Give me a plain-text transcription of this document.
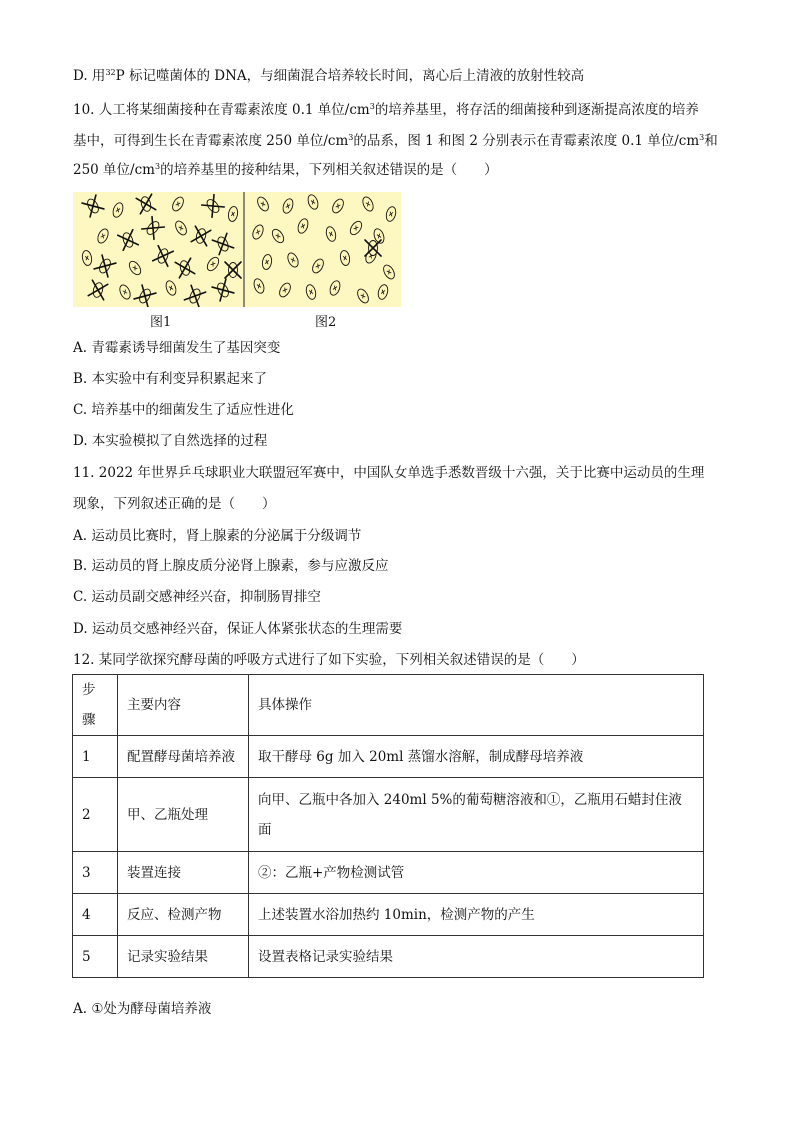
D. 用$^{32}$P 标记噬菌体的 DNA，与细菌混合培养较长时间，离心后上清液的放射性较高
10. 人工将某细菌接种在青霉素浓度 0.1 单位$/cm^3$的培养基里，将存活的细菌接种到逐渐提高浓度的培养
基中，可得到生长在青霉素浓度 250 单位$/cm^3$的品系，图 1 和图 2 分别表示在青霉素浓度 0.1 单位$/cm^3$和
250 单位$/cm^3$的培养基里的接种结果，下列相关叙述错误的是（　　）
图1	图2
A. 青霉素诱导细菌发生了基因突变
B. 本实验中有利变异积累起来了
C. 培养基中的细菌发生了适应性进化
D. 本实验模拟了自然选择的过程
11. 2022 年世界乒乓球职业大联盟冠军赛中，中国队女单选手悉数晋级十六强，关于比赛中运动员的生理
现象，下列叙述正确的是（　　）
A. 运动员比赛时，肾上腺素的分泌属于分级调节
B. 运动员的肾上腺皮质分泌肾上腺素，参与应激反应
C. 运动员副交感神经兴奋，抑制肠胃排空
D. 运动员交感神经兴奋，保证人体紧张状态的生理需要
12. 某同学欲探究酵母菌的呼吸方式进行了如下实验，下列相关叙述错误的是（　　）
步骤	主要内容	具体操作
1	配置酵母菌培养液	取干酵母 6g 加入 20ml 蒸馏水溶解，制成酵母培养液
2	甲、乙瓶处理	向甲、乙瓶中各加入 240ml 5%的葡萄糖溶液和①，乙瓶用石蜡封住液
面

3	装置连接	②：乙瓶+产物检测试管
4	反应、检测产物	上述装置水浴加热约 10min，检测产物的产生
5	记录实验结果	设置表格记录实验结果
A. ①处为酵母菌培养液
